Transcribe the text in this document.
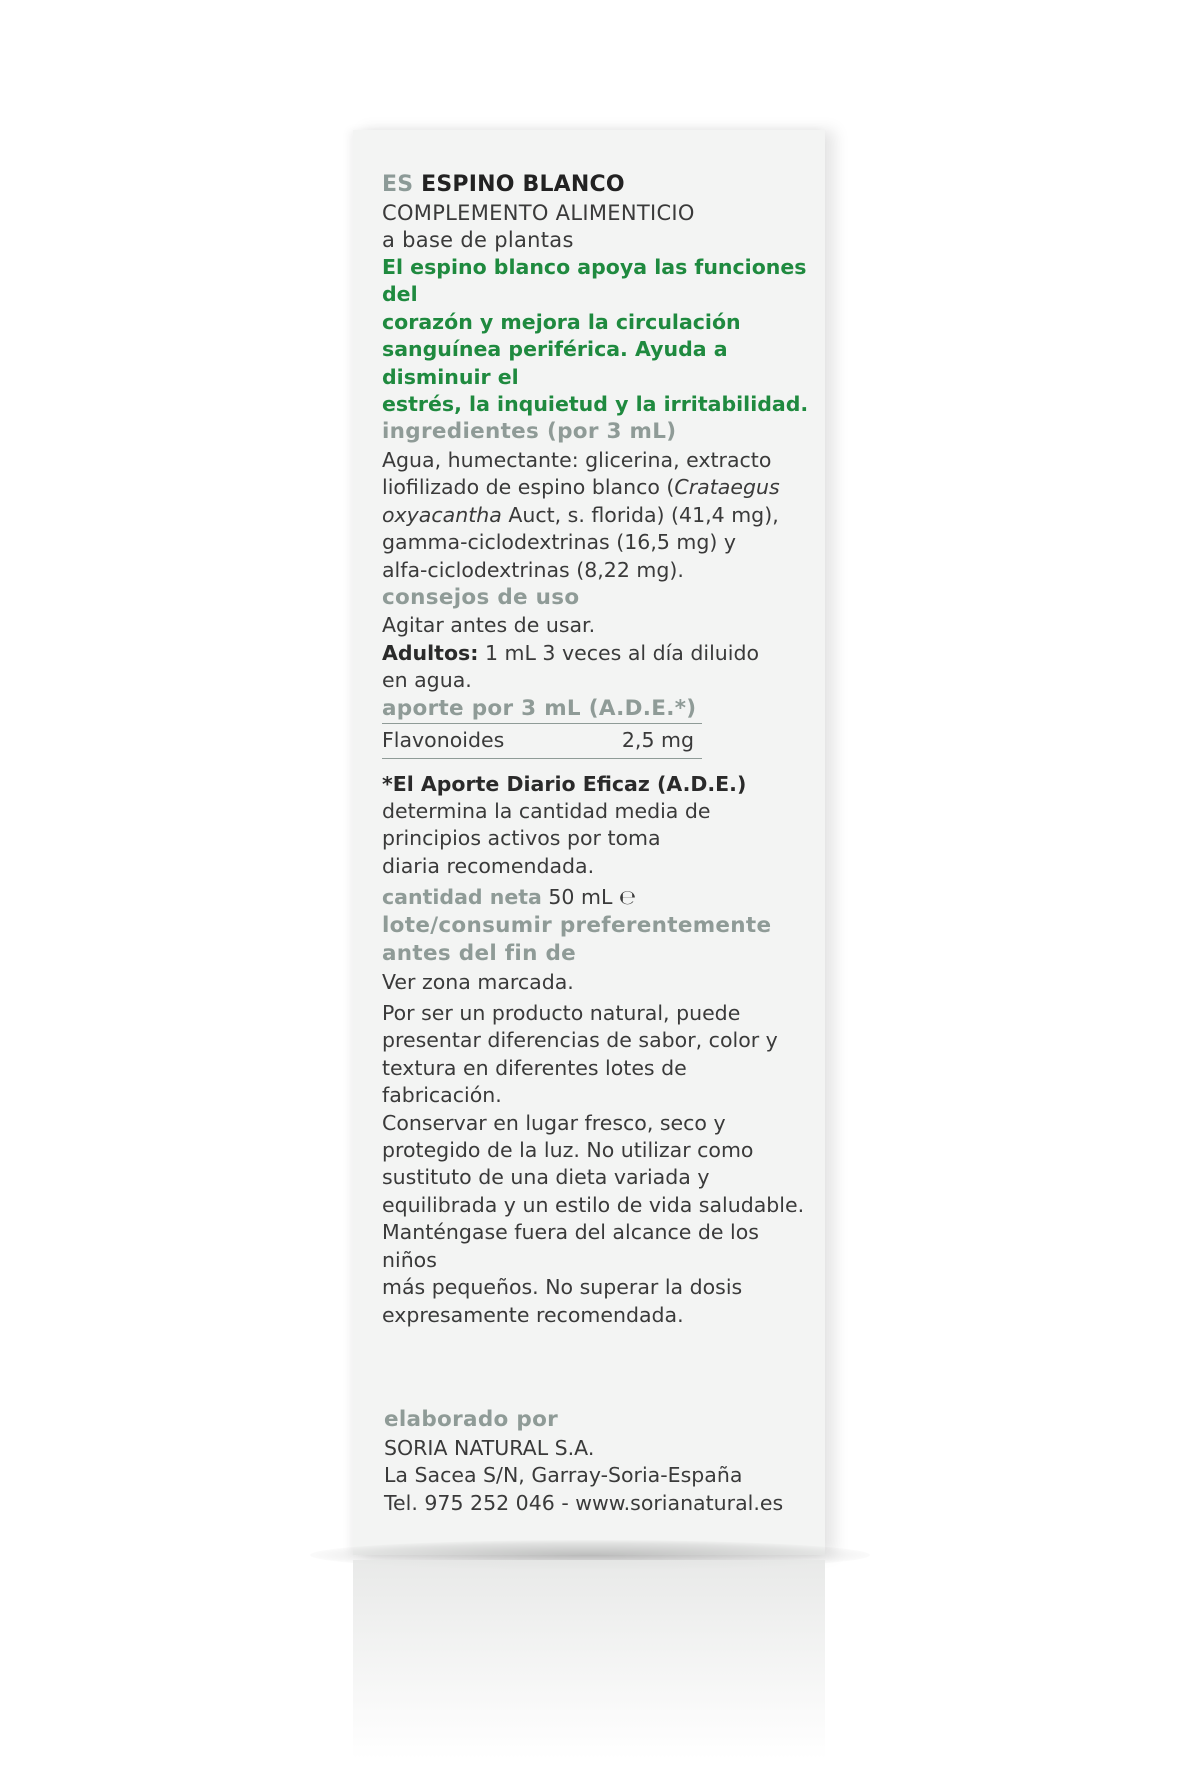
ES ESPINO BLANCO
COMPLEMENTO ALIMENTICIO
a base de plantas
El espino blanco apoya las funciones del
corazón y mejora la circulación
sanguínea periférica. Ayuda a disminuir el
estrés, la inquietud y la irritabilidad.
ingredientes (por 3 mL)
Agua, humectante: glicerina, extracto
liofilizado de espino blanco (Crataegus
oxyacantha Auct, s. florida) (41,4 mg),
gamma-ciclodextrinas (16,5 mg) y
alfa-ciclodextrinas (8,22 mg).
consejos de uso
Agitar antes de usar.
Adultos: 1 mL 3 veces al día diluido
en agua.
aporte por 3 mL (A.D.E.*)
Flavonoides	2,5 mg
*El Aporte Diario Eficaz (A.D.E.)
determina la cantidad media de
principios activos por toma
diaria recomendada.
cantidad neta 50 mL ℮
lote/consumir preferentemente
antes del fin de
Ver zona marcada.
Por ser un producto natural, puede
presentar diferencias de sabor, color y
textura en diferentes lotes de fabricación.
Conservar en lugar fresco, seco y
protegido de la luz. No utilizar como
sustituto de una dieta variada y
equilibrada y un estilo de vida saludable.
Manténgase fuera del alcance de los niños
más pequeños. No superar la dosis
expresamente recomendada.
elaborado por
SORIA NATURAL S.A.
La Sacea S/N, Garray-Soria-España
Tel. 975 252 046 - www.sorianatural.es
